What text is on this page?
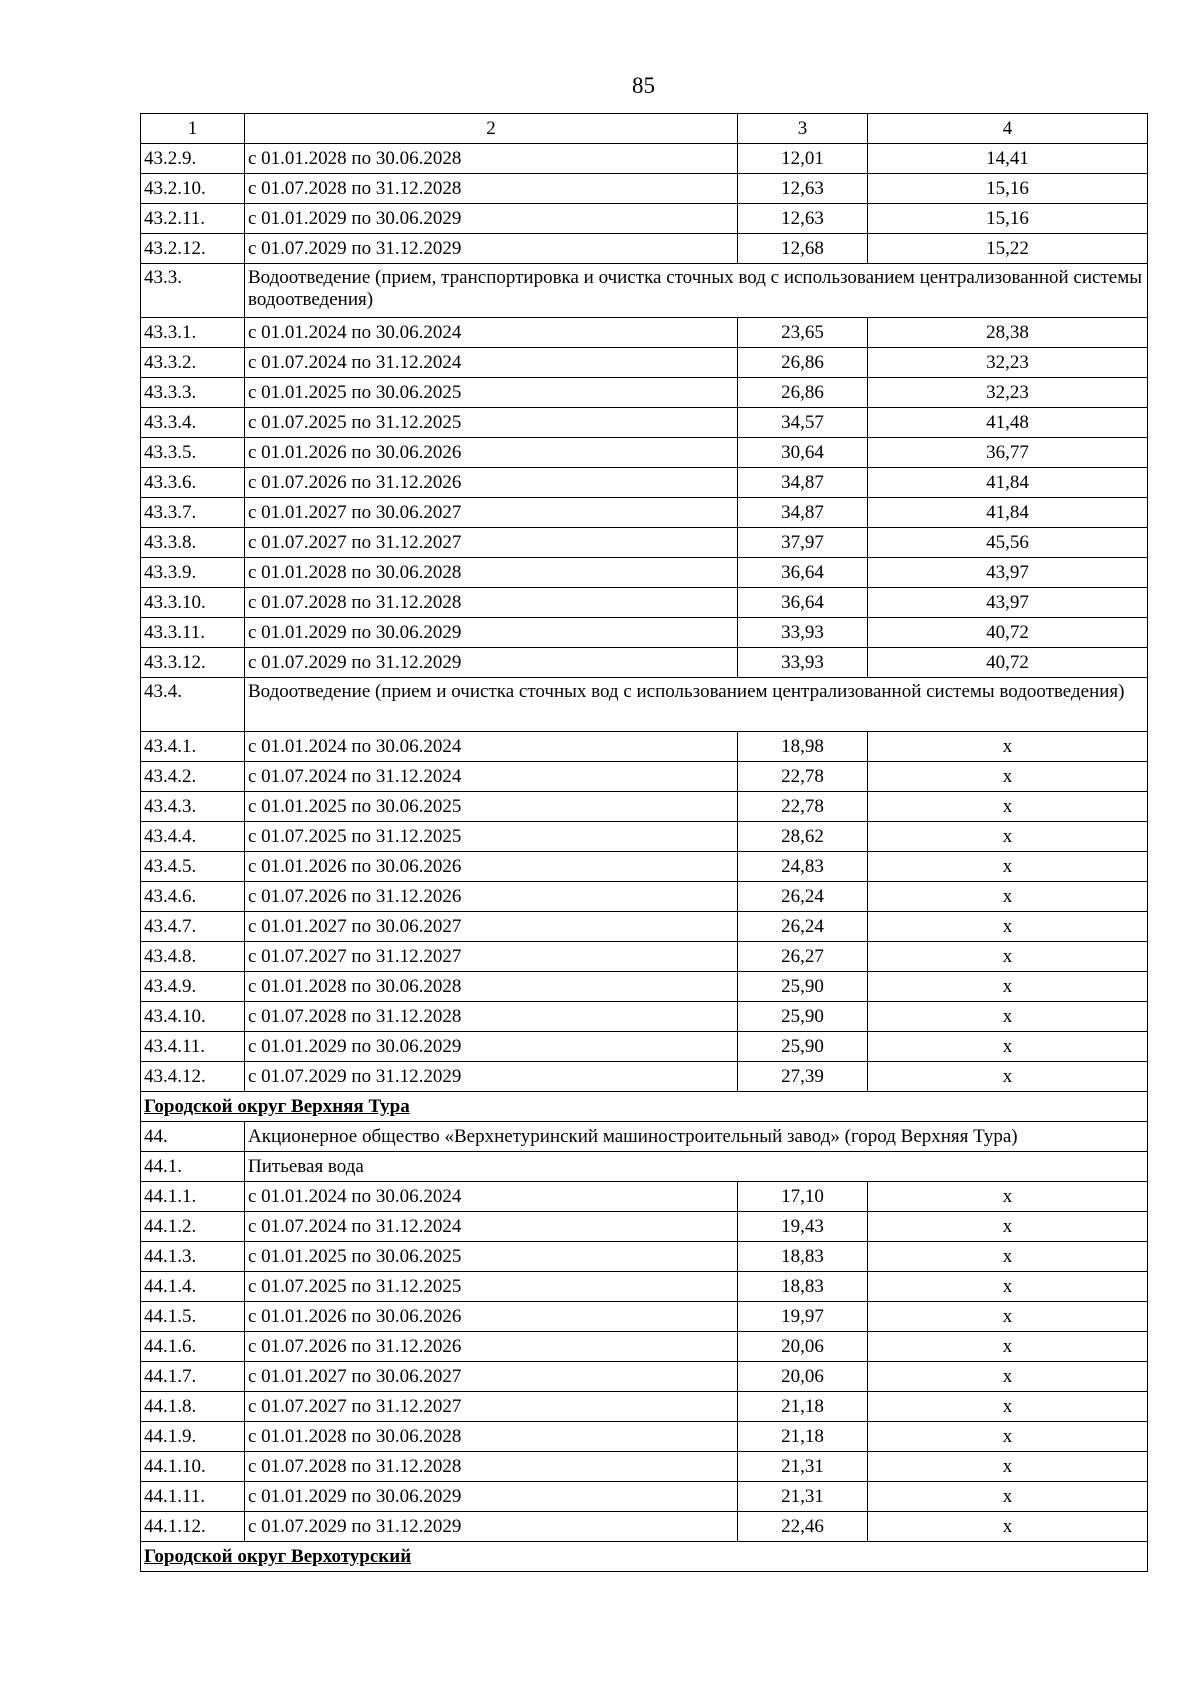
85
1	2	3	4
43.2.9.	с 01.01.2028 по 30.06.2028	12,01	14,41
43.2.10.	с 01.07.2028 по 31.12.2028	12,63	15,16
43.2.11.	с 01.01.2029 по 30.06.2029	12,63	15,16
43.2.12.	с 01.07.2029 по 31.12.2029	12,68	15,22
43.3.	Водоотведение (прием, транспортировка и очистка сточных вод с использованием централизованной системы водоотведения)		
43.3.1.	с 01.01.2024 по 30.06.2024	23,65	28,38
43.3.2.	с 01.07.2024 по 31.12.2024	26,86	32,23
43.3.3.	с 01.01.2025 по 30.06.2025	26,86	32,23
43.3.4.	с 01.07.2025 по 31.12.2025	34,57	41,48
43.3.5.	с 01.01.2026 по 30.06.2026	30,64	36,77
43.3.6.	с 01.07.2026 по 31.12.2026	34,87	41,84
43.3.7.	с 01.01.2027 по 30.06.2027	34,87	41,84
43.3.8.	с 01.07.2027 по 31.12.2027	37,97	45,56
43.3.9.	с 01.01.2028 по 30.06.2028	36,64	43,97
43.3.10.	с 01.07.2028 по 31.12.2028	36,64	43,97
43.3.11.	с 01.01.2029 по 30.06.2029	33,93	40,72
43.3.12.	с 01.07.2029 по 31.12.2029	33,93	40,72
43.4.	Водоотведение (прием и очистка сточных вод с использованием централизованной системы водоотведения)		
43.4.1.	с 01.01.2024 по 30.06.2024	18,98	х
43.4.2.	с 01.07.2024 по 31.12.2024	22,78	х
43.4.3.	с 01.01.2025 по 30.06.2025	22,78	х
43.4.4.	с 01.07.2025 по 31.12.2025	28,62	х
43.4.5.	с 01.01.2026 по 30.06.2026	24,83	х
43.4.6.	с 01.07.2026 по 31.12.2026	26,24	х
43.4.7.	с 01.01.2027 по 30.06.2027	26,24	х
43.4.8.	с 01.07.2027 по 31.12.2027	26,27	х
43.4.9.	с 01.01.2028 по 30.06.2028	25,90	х
43.4.10.	с 01.07.2028 по 31.12.2028	25,90	х
43.4.11.	с 01.01.2029 по 30.06.2029	25,90	х
43.4.12.	с 01.07.2029 по 31.12.2029	27,39	х
Городской округ Верхняя Тура			
44.	Акционерное общество «Верхнетуринский машиностроительный завод» (город Верхняя Тура)		
44.1.	Питьевая вода		
44.1.1.	с 01.01.2024 по 30.06.2024	17,10	х
44.1.2.	с 01.07.2024 по 31.12.2024	19,43	х
44.1.3.	с 01.01.2025 по 30.06.2025	18,83	х
44.1.4.	с 01.07.2025 по 31.12.2025	18,83	х
44.1.5.	с 01.01.2026 по 30.06.2026	19,97	х
44.1.6.	с 01.07.2026 по 31.12.2026	20,06	х
44.1.7.	с 01.01.2027 по 30.06.2027	20,06	х
44.1.8.	с 01.07.2027 по 31.12.2027	21,18	х
44.1.9.	с 01.01.2028 по 30.06.2028	21,18	х
44.1.10.	с 01.07.2028 по 31.12.2028	21,31	х
44.1.11.	с 01.01.2029 по 30.06.2029	21,31	х
44.1.12.	с 01.07.2029 по 31.12.2029	22,46	х
Городской округ Верхотурский			
